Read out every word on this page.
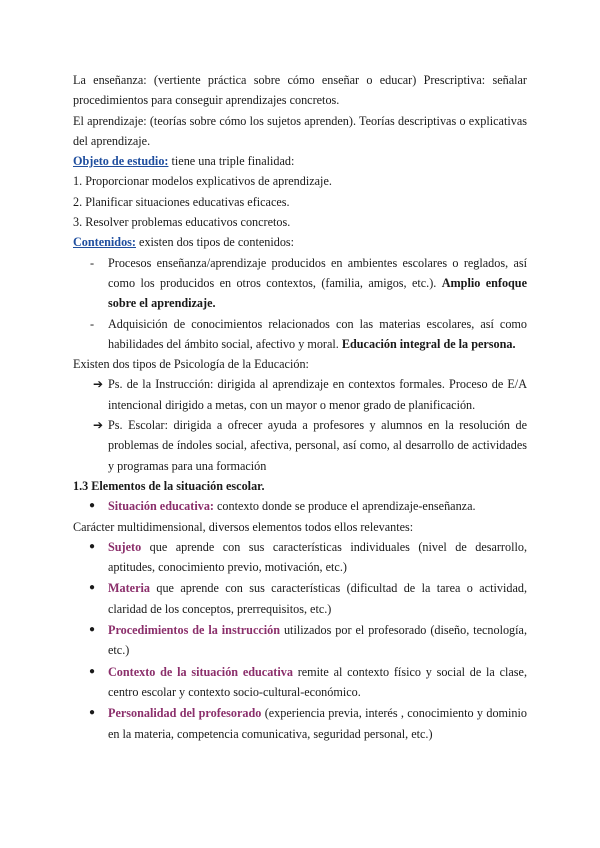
La enseñanza: (vertiente práctica sobre cómo enseñar o educar) Prescriptiva: señalar procedimientos para conseguir aprendizajes concretos.

El aprendizaje: (teorías sobre cómo los sujetos aprenden). Teorías descriptivas o explicativas del aprendizaje.

Objeto de estudio: tiene una triple finalidad:

1. Proporcionar modelos explicativos de aprendizaje.

2. Planificar situaciones educativas eficaces.

3. Resolver problemas educativos concretos.

Contenidos: existen dos tipos de contenidos:

- Procesos enseñanza/aprendizaje producidos en ambientes escolares o reglados, así como los producidos en otros contextos, (familia, amigos, etc.). Amplio enfoque sobre el aprendizaje.
- Adquisición de conocimientos relacionados con las materias escolares, así como habilidades del ámbito social, afectivo y moral. Educación integral de la persona.

Existen dos tipos de Psicología de la Educación:

➔ Ps. de la Instrucción: dirigida al aprendizaje en contextos formales. Proceso de E/A intencional dirigido a metas, con un mayor o menor grado de planificación.
➔ Ps. Escolar: dirigida a ofrecer ayuda a profesores y alumnos en la resolución de problemas de índoles social, afectiva, personal, así como, al desarrollo de actividades y programas para una formación

1.3 Elementos de la situación escolar.

● Situación educativa: contexto donde se produce el aprendizaje-enseñanza.

Carácter multidimensional, diversos elementos todos ellos relevantes:

● Sujeto que aprende con sus características individuales (nivel de desarrollo, aptitudes, conocimiento previo, motivación, etc.)
● Materia que aprende con sus características (dificultad de la tarea o actividad, claridad de los conceptos, prerrequisitos, etc.)
● Procedimientos de la instrucción utilizados por el profesorado (diseño, tecnología, etc.)
● Contexto de la situación educativa remite al contexto físico y social de la clase, centro escolar y contexto socio-cultural-económico.
● Personalidad del profesorado (experiencia previa, interés , conocimiento y dominio en la materia, competencia comunicativa, seguridad personal, etc.)
